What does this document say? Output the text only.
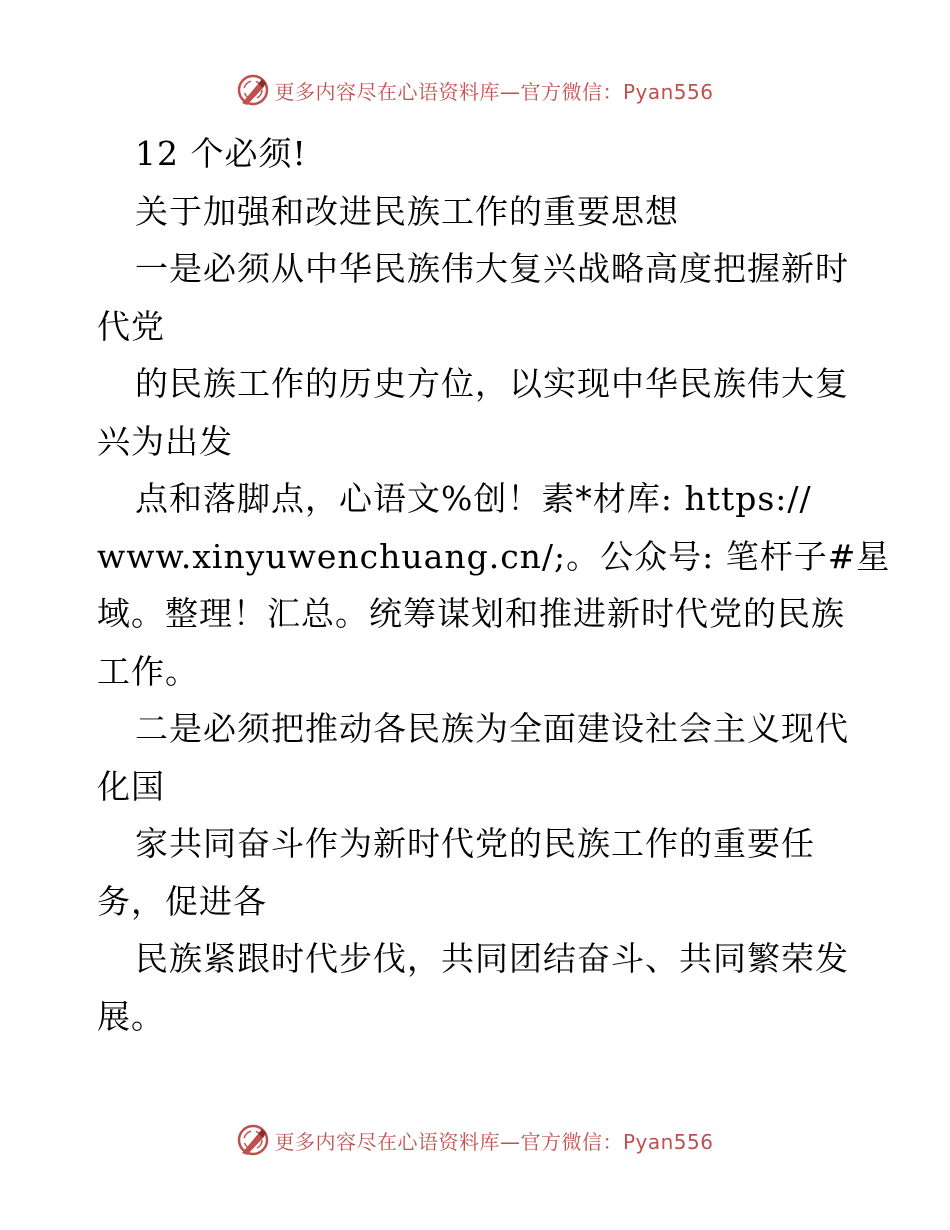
更多内容尽在心语资料库—官方微信：Pyan556
12 个必须!
关于加强和改进民族工作的重要思想
一是必须从中华民族伟大复兴战略高度把握新时
代党
的民族工作的历史方位，以实现中华民族伟大复
兴为出发
点和落脚点，心语文%创！素*材库: https://
www.xinyuwenchuang.cn/;。公众号: 笔杆子#星
域。整理！汇总。统筹谋划和推进新时代党的民族
工作。
二是必须把推动各民族为全面建设社会主义现代
化国
家共同奋斗作为新时代党的民族工作的重要任
务，促进各
民族紧跟时代步伐，共同团结奋斗、共同繁荣发
展。
更多内容尽在心语资料库—官方微信：Pyan556
